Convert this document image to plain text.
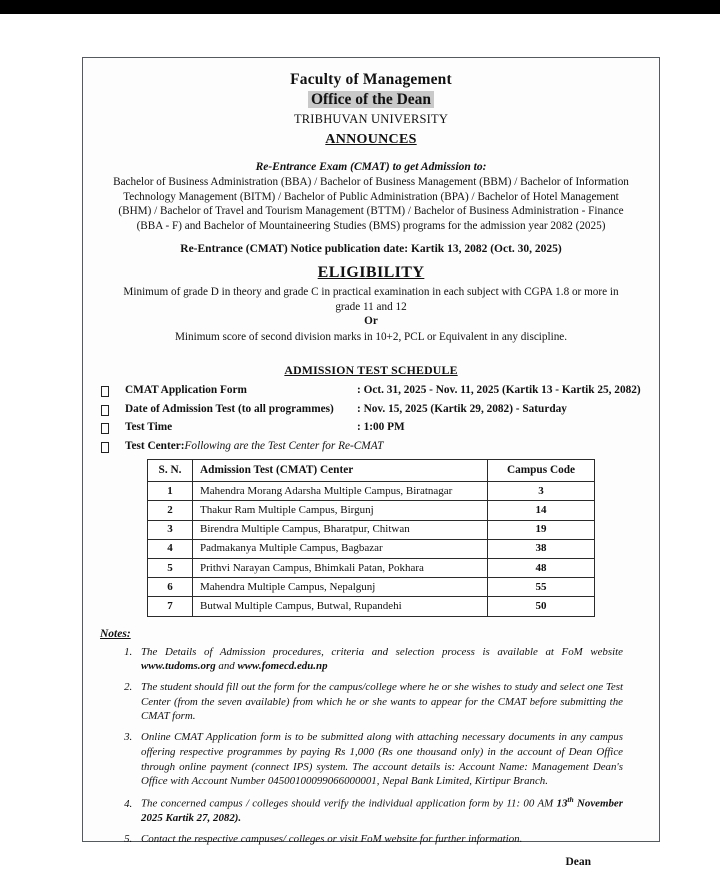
Faculty of Management
Office of the Dean
TRIBHUVAN UNIVERSITY
ANNOUNCES
Re-Entrance Exam (CMAT) to get Admission to:
Bachelor of Business Administration (BBA) / Bachelor of Business Management (BBM) / Bachelor of Information Technology Management (BITM) / Bachelor of Public Administration (BPA) / Bachelor of Hotel Management (BHM) / Bachelor of Travel and Tourism Management (BTTM) / Bachelor of Business Administration - Finance (BBA - F) and Bachelor of Mountaineering Studies (BMS) programs for the admission year 2082 (2025)
Re-Entrance (CMAT) Notice publication date: Kartik 13, 2082 (Oct. 30, 2025)
ELIGIBILITY
Minimum of grade D in theory and grade C in practical examination in each subject with CGPA 1.8 or more in grade 11 and 12
Or
Minimum score of second division marks in 10+2, PCL or Equivalent in any discipline.
ADMISSION TEST SCHEDULE
CMAT Application Form	: Oct. 31, 2025 - Nov. 11, 2025 (Kartik 13 - Kartik 25, 2082)
Date of Admission Test (to all programmes)	: Nov. 15, 2025 (Kartik 29, 2082) - Saturday
Test Time	: 1:00 PM
Test Center: Following are the Test Center for Re-CMAT
S. N.	Admission Test (CMAT) Center	Campus Code
1	Mahendra Morang Adarsha Multiple Campus, Biratnagar	3
2	Thakur Ram Multiple Campus, Birgunj	14
3	Birendra Multiple Campus, Bharatpur, Chitwan	19
4	Padmakanya Multiple Campus, Bagbazar	38
5	Prithvi Narayan Campus, Bhimkali Patan, Pokhara	48
6	Mahendra Multiple Campus, Nepalgunj	55
7	Butwal Multiple Campus, Butwal, Rupandehi	50
Notes:
1. The Details of Admission procedures, criteria and selection process is available at FoM website www.tudoms.org and www.fomecd.edu.np
2. The student should fill out the form for the campus/college where he or she wishes to study and select one Test Center (from the seven available) from which he or she wants to appear for the CMAT before submitting the CMAT form.
3. Online CMAT Application form is to be submitted along with attaching necessary documents in any campus offering respective programmes by paying Rs 1,000 (Rs one thousand only) in the account of Dean Office through online payment (connect IPS) system. The account details is: Account Name: Management Dean's Office with Account Number 04500100099066000001, Nepal Bank Limited, Kirtipur Branch.
4. The concerned campus / colleges should verify the individual application form by 11: 00 AM 13th November 2025 Kartik 27, 2082).
5. Contact the respective campuses/ colleges or visit FoM website for further information.
Dean
